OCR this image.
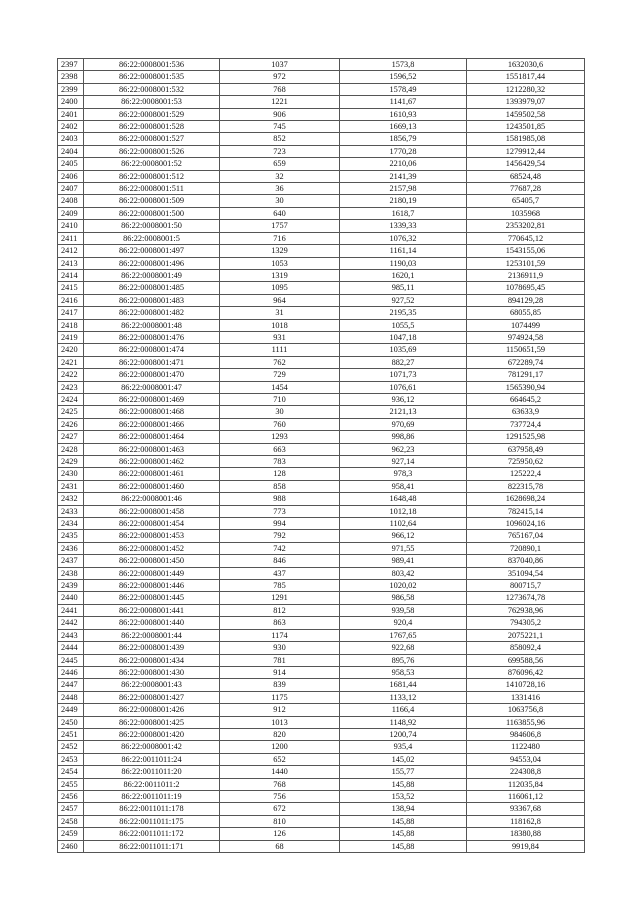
2397	86:22:0008001:536	1037	1573,8	1632030,6
2398	86:22:0008001:535	972	1596,52	1551817,44
2399	86:22:0008001:532	768	1578,49	1212280,32
2400	86:22:0008001:53	1221	1141,67	1393979,07
2401	86:22:0008001:529	906	1610,93	1459502,58
2402	86:22:0008001:528	745	1669,13	1243501,85
2403	86:22:0008001:527	852	1856,79	1581985,08
2404	86:22:0008001:526	723	1770,28	1279912,44
2405	86:22:0008001:52	659	2210,06	1456429,54
2406	86:22:0008001:512	32	2141,39	68524,48
2407	86:22:0008001:511	36	2157,98	77687,28
2408	86:22:0008001:509	30	2180,19	65405,7
2409	86:22:0008001:500	640	1618,7	1035968
2410	86:22:0008001:50	1757	1339,33	2353202,81
2411	86:22:0008001:5	716	1076,32	770645,12
2412	86:22:0008001:497	1329	1161,14	1543155,06
2413	86:22:0008001:496	1053	1190,03	1253101,59
2414	86:22:0008001:49	1319	1620,1	2136911,9
2415	86:22:0008001:485	1095	985,11	1078695,45
2416	86:22:0008001:483	964	927,52	894129,28
2417	86:22:0008001:482	31	2195,35	68055,85
2418	86:22:0008001:48	1018	1055,5	1074499
2419	86:22:0008001:476	931	1047,18	974924,58
2420	86:22:0008001:474	1111	1035,69	1150651,59
2421	86:22:0008001:471	762	882,27	672289,74
2422	86:22:0008001:470	729	1071,73	781291,17
2423	86:22:0008001:47	1454	1076,61	1565390,94
2424	86:22:0008001:469	710	936,12	664645,2
2425	86:22:0008001:468	30	2121,13	63633,9
2426	86:22:0008001:466	760	970,69	737724,4
2427	86:22:0008001:464	1293	998,86	1291525,98
2428	86:22:0008001:463	663	962,23	637958,49
2429	86:22:0008001:462	783	927,14	725950,62
2430	86:22:0008001:461	128	978,3	125222,4
2431	86:22:0008001:460	858	958,41	822315,78
2432	86:22:0008001:46	988	1648,48	1628698,24
2433	86:22:0008001:458	773	1012,18	782415,14
2434	86:22:0008001:454	994	1102,64	1096024,16
2435	86:22:0008001:453	792	966,12	765167,04
2436	86:22:0008001:452	742	971,55	720890,1
2437	86:22:0008001:450	846	989,41	837040,86
2438	86:22:0008001:449	437	803,42	351094,54
2439	86:22:0008001:446	785	1020,02	800715,7
2440	86:22:0008001:445	1291	986,58	1273674,78
2441	86:22:0008001:441	812	939,58	762938,96
2442	86:22:0008001:440	863	920,4	794305,2
2443	86:22:0008001:44	1174	1767,65	2075221,1
2444	86:22:0008001:439	930	922,68	858092,4
2445	86:22:0008001:434	781	895,76	699588,56
2446	86:22:0008001:430	914	958,53	876096,42
2447	86:22:0008001:43	839	1681,44	1410728,16
2448	86:22:0008001:427	1175	1133,12	1331416
2449	86:22:0008001:426	912	1166,4	1063756,8
2450	86:22:0008001:425	1013	1148,92	1163855,96
2451	86:22:0008001:420	820	1200,74	984606,8
2452	86:22:0008001:42	1200	935,4	1122480
2453	86:22:0011011:24	652	145,02	94553,04
2454	86:22:0011011:20	1440	155,77	224308,8
2455	86:22:0011011:2	768	145,88	112035,84
2456	86:22:0011011:19	756	153,52	116061,12
2457	86:22:0011011:178	672	138,94	93367,68
2458	86:22:0011011:175	810	145,88	118162,8
2459	86:22:0011011:172	126	145,88	18380,88
2460	86:22:0011011:171	68	145,88	9919,84
